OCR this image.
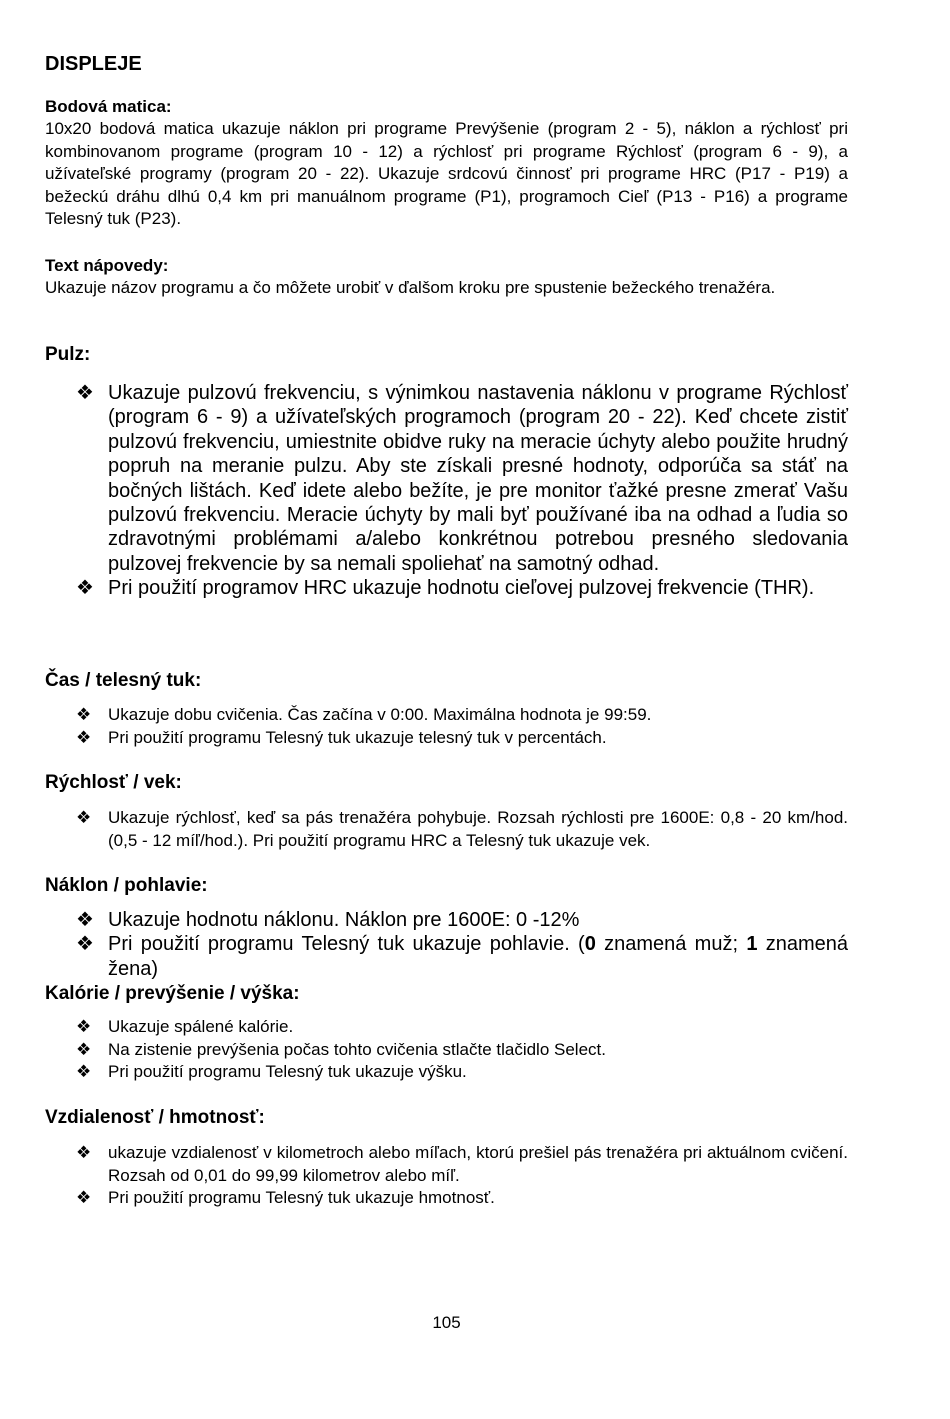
DISPLEJE

Bodová matica:

10x20 bodová matica ukazuje náklon pri programe Prevýšenie (program 2 - 5), náklon a rýchlosť pri kombinovanom programe (program 10 - 12) a rýchlosť pri programe Rýchlosť (program 6 - 9), a užívateľské programy (program 20 - 22). Ukazuje srdcovú činnosť pri programe HRC (P17 - P19) a bežeckú dráhu dlhú 0,4 km pri manuálnom programe (P1), programoch Cieľ (P13 - P16) a programe Telesný tuk (P23).

Text nápovedy:

Ukazuje názov programu a čo môžete urobiť v ďalšom kroku pre spustenie bežeckého trenažéra.

Pulz:

❖ Ukazuje pulzovú frekvenciu, s výnimkou nastavenia náklonu v programe Rýchlosť (program 6 - 9) a užívateľských programoch (program 20 - 22). Keď chcete zistiť pulzovú frekvenciu, umiestnite obidve ruky na meracie úchyty alebo použite hrudný popruh na meranie pulzu. Aby ste získali presné hodnoty, odporúča sa stáť na bočných lištách. Keď idete alebo bežíte, je pre monitor ťažké presne zmerať Vašu pulzovú frekvenciu. Meracie úchyty by mali byť používané iba na odhad a ľudia so zdravotnými problémami a/alebo konkrétnou potrebou presného sledovania pulzovej frekvencie by sa nemali spoliehať na samotný odhad.
❖ Pri použití programov HRC ukazuje hodnotu cieľovej pulzovej frekvencie (THR).

Čas / telesný tuk:

❖ Ukazuje dobu cvičenia. Čas začína v 0:00. Maximálna hodnota je 99:59.
❖ Pri použití programu Telesný tuk ukazuje telesný tuk v percentách.

Rýchlosť / vek:

❖ Ukazuje rýchlosť, keď sa pás trenažéra pohybuje. Rozsah rýchlosti pre 1600E: 0,8 - 20 km/hod. (0,5 - 12 míľ/hod.). Pri použití programu HRC a Telesný tuk ukazuje vek.

Náklon / pohlavie:

❖ Ukazuje hodnotu náklonu. Náklon pre 1600E: 0 -12%
❖ Pri použití programu Telesný tuk ukazuje pohlavie. (0 znamená muž; 1 znamená žena)

Kalórie / prevýšenie / výška:

❖ Ukazuje spálené kalórie.
❖ Na zistenie prevýšenia počas tohto cvičenia stlačte tlačidlo Select.
❖ Pri použití programu Telesný tuk ukazuje výšku.

Vzdialenosť / hmotnosť:

❖ ukazuje vzdialenosť v kilometroch alebo míľach, ktorú prešiel pás trenažéra pri aktuálnom cvičení. Rozsah od 0,01 do 99,99 kilometrov alebo míľ.
❖ Pri použití programu Telesný tuk ukazuje hmotnosť.
105
